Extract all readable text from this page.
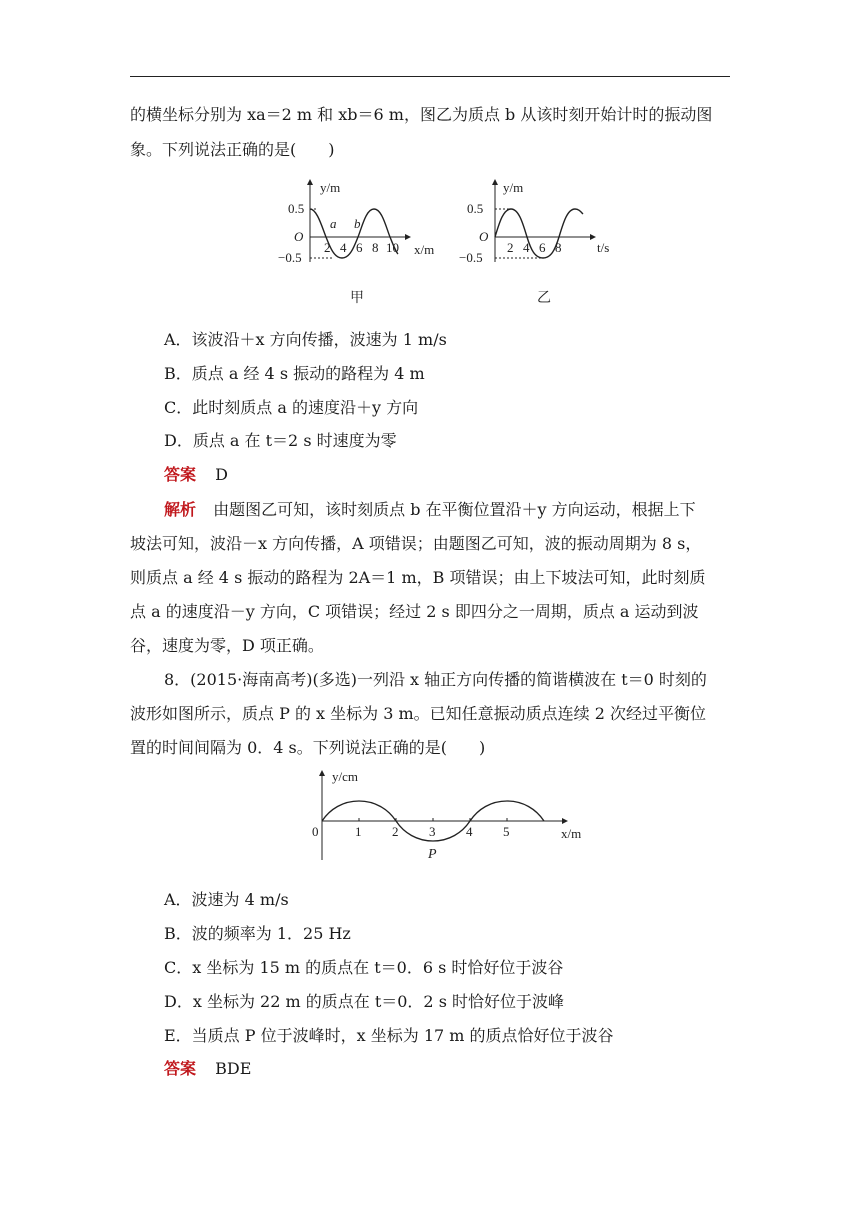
的横坐标分别为 xa＝2 m 和 xb＝6 m，图乙为质点 b 从该时刻开始计时的振动图
象。下列说法正确的是(　　)
0.5
O
−0.5
y/m
x/m
2 4 6 8 10
a b
甲
0.5
O
−0.5
y/m
t/s
2 4 6 8
乙
A．该波沿＋x 方向传播，波速为 1 m/s
B．质点 a 经 4 s 振动的路程为 4 m
C．此时刻质点 a 的速度沿＋y 方向
D．质点 a 在 t＝2 s 时速度为零
答案 D
解析 由题图乙可知，该时刻质点 b 在平衡位置沿＋y 方向运动，根据上下
坡法可知，波沿－x 方向传播，A 项错误；由题图乙可知，波的振动周期为 8 s，
则质点 a 经 4 s 振动的路程为 2A＝1 m，B 项错误；由上下坡法可知，此时刻质
点 a 的速度沿－y 方向，C 项错误；经过 2 s 即四分之一周期，质点 a 运动到波
谷，速度为零，D 项正确。
8．(2015·海南高考)(多选)一列沿 x 轴正方向传播的简谐横波在 t＝0 时刻的
波形如图所示，质点 P 的 x 坐标为 3 m。已知任意振动质点连续 2 次经过平衡位
置的时间间隔为 0．4 s。下列说法正确的是(　　)
y/cm
x/m
0	1 2 3 4 5
P
A．波速为 4 m/s
B．波的频率为 1．25 Hz
C．x 坐标为 15 m 的质点在 t＝0．6 s 时恰好位于波谷
D．x 坐标为 22 m 的质点在 t＝0．2 s 时恰好位于波峰
E．当质点 P 位于波峰时，x 坐标为 17 m 的质点恰好位于波谷
答案 BDE
